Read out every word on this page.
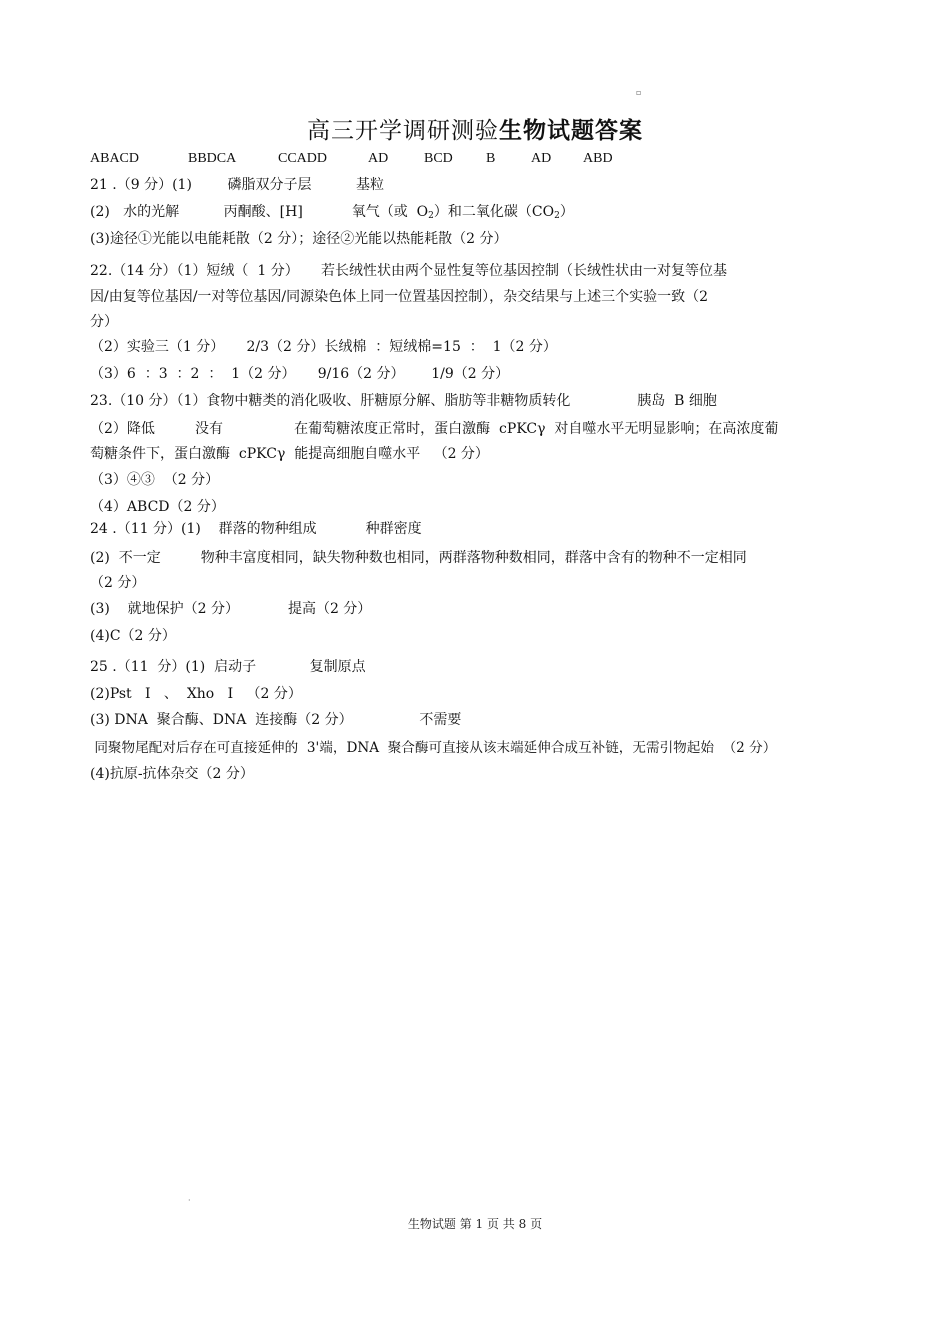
▫
高三开学调研测验生物试题答案
ABACD	BBDCA	CCADD	AD	BCD B	AD ABD
21 .（9 分）(1)        磷脂双分子层          基粒
(2)   水的光解          丙酮酸、[H]           氧气（或  $O_2$）和二氧化碳$(CO_2)$
(3)途径①光能以电能耗散（2 分）；途径②光能以热能耗散（2 分）
22.（14 分）（1）短绒（  1 分）     若长绒性状由两个显性复等位基因控制（长绒性状由一对复等位基
因/由复等位基因/一对等位基因/同源染色体上同一位置基因控制），杂交结果与上述三个实验一致（2
分）
（2）实验三（1 分）     2/3（2 分）长绒棉  ：短绒棉=15  ：  1（2 分）
（3）6  ：3  ：2  ：  1（2 分）     9/16（2 分）      1/9（2 分）
23.（10 分）（1）食物中糖类的消化吸收、肝糖原分解、脂肪等非糖物质转化               胰岛  B 细胞
（2）降低         没有                在葡萄糖浓度正常时，蛋白激酶  cPKCγ  对自噬水平无明显影响；在高浓度葡
萄糖条件下，蛋白激酶  cPKCγ  能提高细胞自噬水平   （2 分）
（3）④③  （2 分）
（4）ABCD（2 分）
24 .（11 分）(1)    群落的物种组成           种群密度
(2)  不一定         物种丰富度相同，缺失物种数也相同，两群落物种数相同，群落中含有的物种不一定相同
（2 分）
(3)    就地保护（2 分）           提高（2 分）
(4)C（2 分）
25 .（11  分）(1)  启动子            复制原点
(2)Pst   Ⅰ   、  Xho   Ⅰ   （2 分）
(3) DNA  聚合酶、DNA  连接酶（2 分）               不需要
同聚物尾配对后存在可直接延伸的  3'端，DNA  聚合酶可直接从该末端延伸合成互补链，无需引物起始  （2 分）
(4)抗原-抗体杂交（2 分）
·
生物试题 第 1 页 共 8 页
